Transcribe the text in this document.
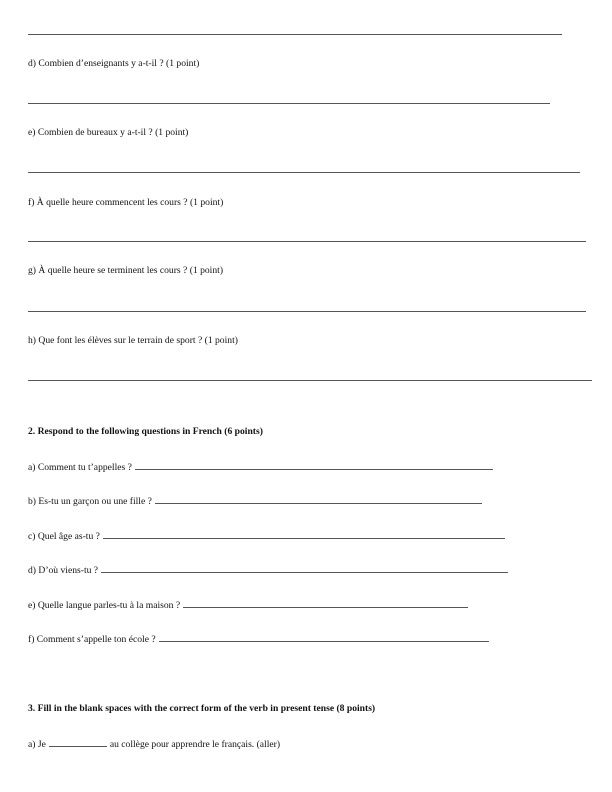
d) Combien d’enseignants y a-t-il ? (1 point)
e) Combien de bureaux y a-t-il ? (1 point)
f) À quelle heure commencent les cours ? (1 point)
g) À quelle heure se terminent les cours ? (1 point)
h) Que font les élèves sur le terrain de sport ? (1 point)
2. Respond to the following questions in French (6 points)
a) Comment tu t’appelles ?
b) Es-tu un garçon ou une fille ?
c) Quel âge as-tu ?
d) D’où viens-tu ?
e) Quelle langue parles-tu à la maison ?
f) Comment s’appelle ton école ?
3. Fill in the blank spaces with the correct form of the verb in present tense (8 points)
a) Je	au collège pour apprendre le français. (aller)
